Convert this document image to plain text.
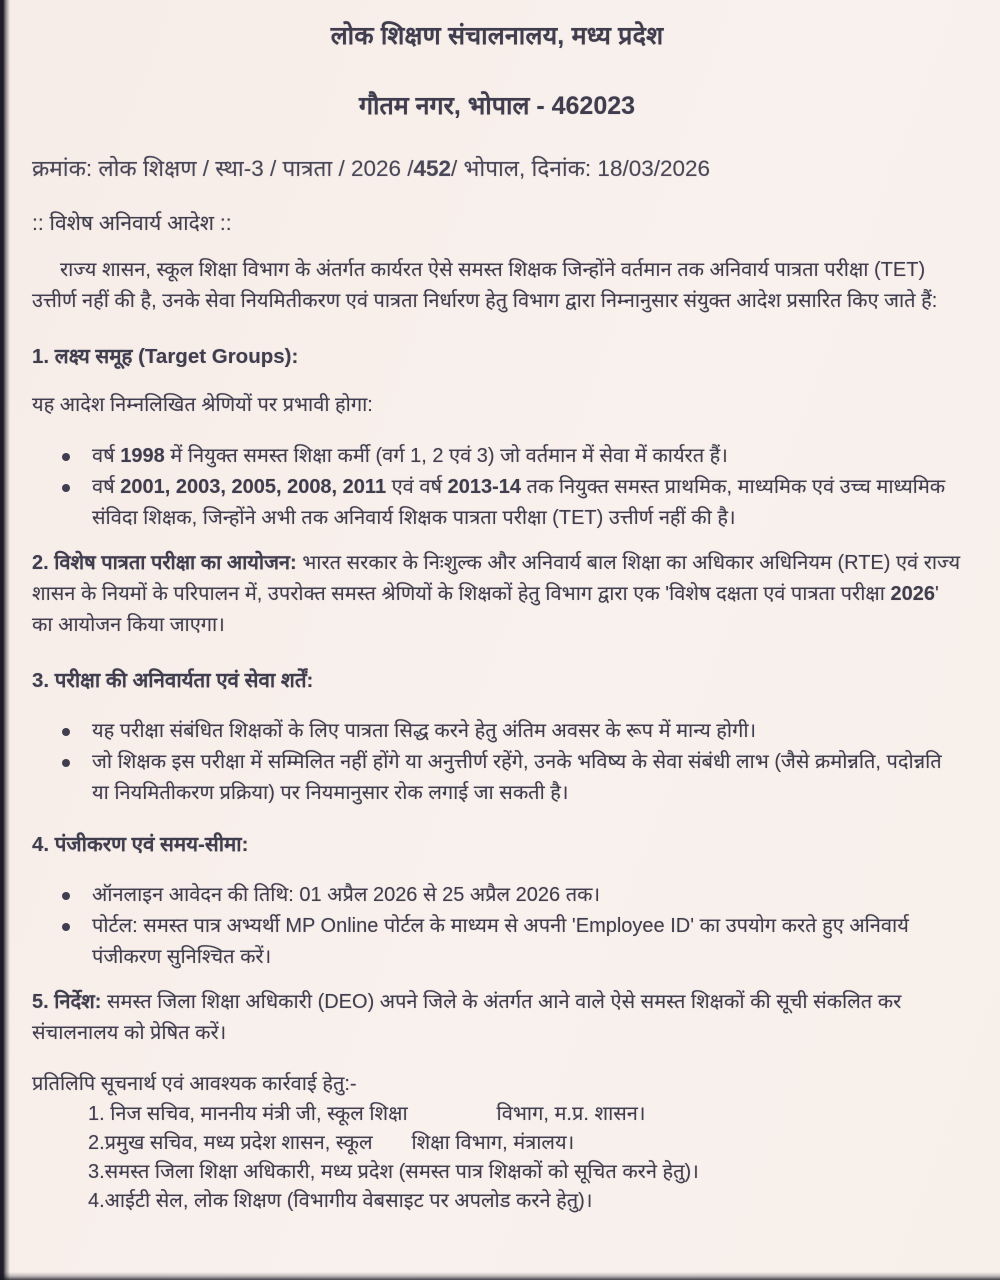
लोक शिक्षण संचालनालय, मध्य प्रदेश
गौतम नगर, भोपाल - 462023
क्रमांक: लोक शिक्षण / स्था-3 / पात्रता / 2026 /452/ भोपाल, दिनांक: 18/03/2026
:: विशेष अनिवार्य आदेश ::
राज्य शासन, स्कूल शिक्षा विभाग के अंतर्गत कार्यरत ऐसे समस्त शिक्षक जिन्होंने वर्तमान तक अनिवार्य पात्रता परीक्षा (TET) उत्तीर्ण नहीं की है, उनके सेवा नियमितीकरण एवं पात्रता निर्धारण हेतु विभाग द्वारा निम्नानुसार संयुक्त आदेश प्रसारित किए जाते हैं:
1. लक्ष्य समूह (Target Groups):
यह आदेश निम्नलिखित श्रेणियों पर प्रभावी होगा:
वर्ष 1998 में नियुक्त समस्त शिक्षा कर्मी (वर्ग 1, 2 एवं 3) जो वर्तमान में सेवा में कार्यरत हैं।
वर्ष 2001, 2003, 2005, 2008, 2011 एवं वर्ष 2013-14 तक नियुक्त समस्त प्राथमिक, माध्यमिक एवं उच्च माध्यमिक संविदा शिक्षक, जिन्होंने अभी तक अनिवार्य शिक्षक पात्रता परीक्षा (TET) उत्तीर्ण नहीं की है।
2. विशेष पात्रता परीक्षा का आयोजन: भारत सरकार के निःशुल्क और अनिवार्य बाल शिक्षा का अधिकार अधिनियम (RTE) एवं राज्य शासन के नियमों के परिपालन में, उपरोक्त समस्त श्रेणियों के शिक्षकों हेतु विभाग द्वारा एक 'विशेष दक्षता एवं पात्रता परीक्षा 2026' का आयोजन किया जाएगा।
3. परीक्षा की अनिवार्यता एवं सेवा शर्तें:
यह परीक्षा संबंधित शिक्षकों के लिए पात्रता सिद्ध करने हेतु अंतिम अवसर के रूप में मान्य होगी।
जो शिक्षक इस परीक्षा में सम्मिलित नहीं होंगे या अनुत्तीर्ण रहेंगे, उनके भविष्य के सेवा संबंधी लाभ (जैसे क्रमोन्नति, पदोन्नति या नियमितीकरण प्रक्रिया) पर नियमानुसार रोक लगाई जा सकती है।
4. पंजीकरण एवं समय-सीमा:
ऑनलाइन आवेदन की तिथि: 01 अप्रैल 2026 से 25 अप्रैल 2026 तक।
पोर्टल: समस्त पात्र अभ्यर्थी MP Online पोर्टल के माध्यम से अपनी 'Employee ID' का उपयोग करते हुए अनिवार्य पंजीकरण सुनिश्चित करें।
5. निर्देश: समस्त जिला शिक्षा अधिकारी (DEO) अपने जिले के अंतर्गत आने वाले ऐसे समस्त शिक्षकों की सूची संकलित कर संचालनालय को प्रेषित करें।
प्रतिलिपि सूचनार्थ एवं आवश्यक कार्रवाई हेतु:-
1. निज सचिव, माननीय मंत्री जी, स्कूल शिक्षा                विभाग, म.प्र. शासन।
2.प्रमुख सचिव, मध्य प्रदेश शासन, स्कूल       शिक्षा विभाग, मंत्रालय।
3.समस्त जिला शिक्षा अधिकारी, मध्य प्रदेश (समस्त पात्र शिक्षकों को सूचित करने हेतु)।
4.आईटी सेल, लोक शिक्षण (विभागीय वेबसाइट पर अपलोड करने हेतु)।
